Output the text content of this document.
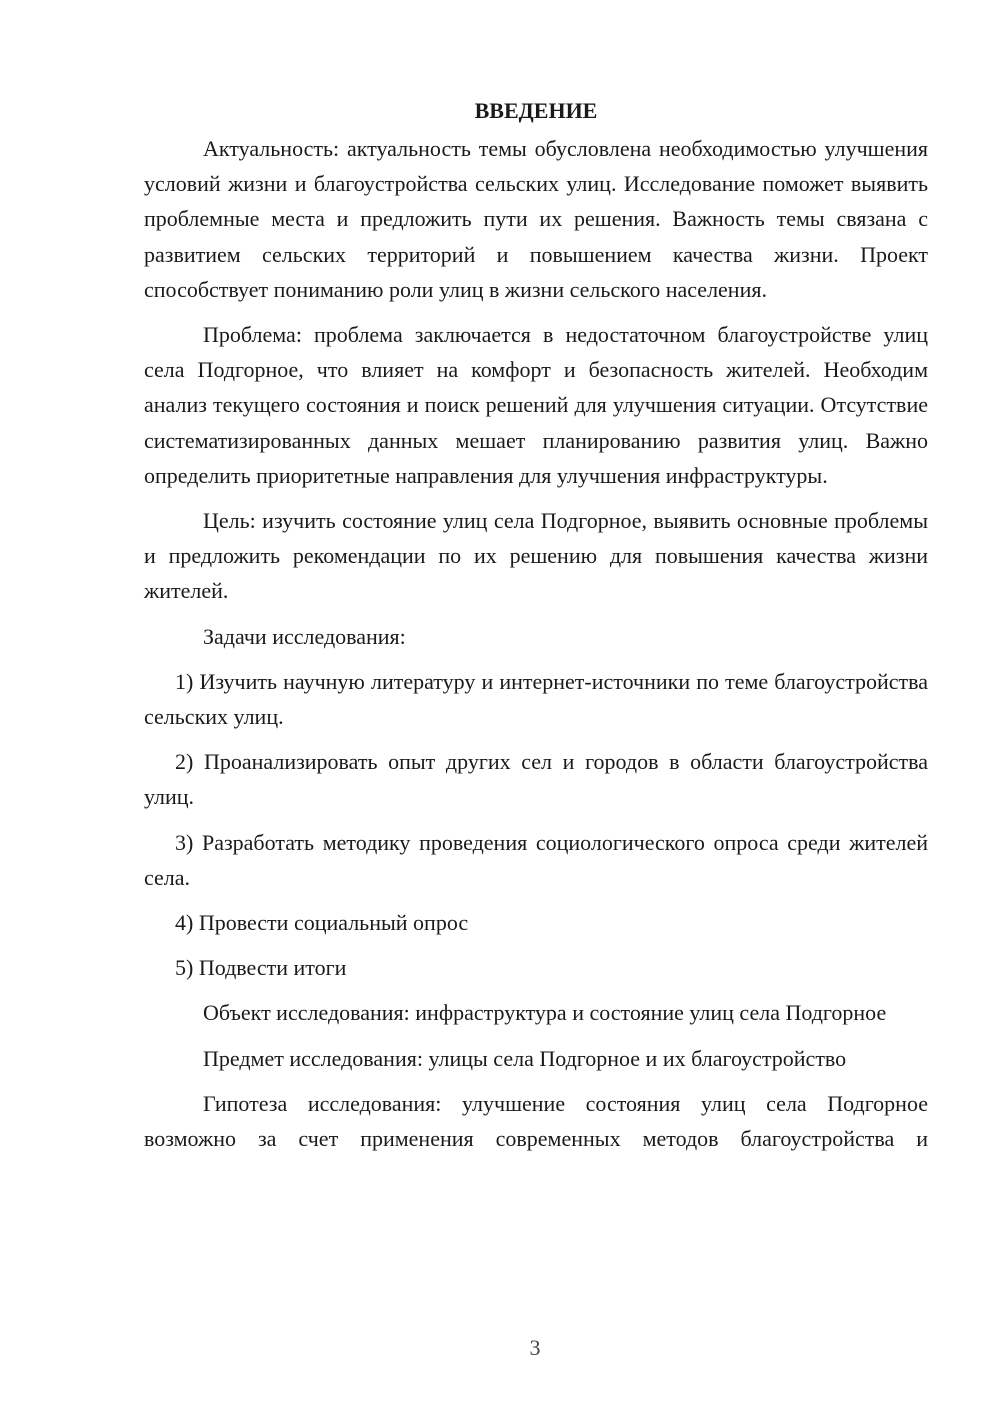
ВВЕДЕНИЕ

Актуальность: актуальность темы обусловлена необходимостью улучшения условий жизни и благоустройства сельских улиц. Исследование поможет выявить проблемные места и предложить пути их решения. Важность темы связана с развитием сельских территорий и повышением качества жизни. Проект способствует пониманию роли улиц в жизни сельского населения.

Проблема: проблема заключается в недостаточном благоустройстве улиц села Подгорное, что влияет на комфорт и безопасность жителей. Необходим анализ текущего состояния и поиск решений для улучшения ситуации. Отсутствие систематизированных данных мешает планированию развития улиц. Важно определить приоритетные направления для улучшения инфраструктуры.

Цель: изучить состояние улиц села Подгорное, выявить основные проблемы и предложить рекомендации по их решению для повышения качества жизни жителей.

Задачи исследования:

1) Изучить научную литературу и интернет-источники по теме благоустройства сельских улиц.

2) Проанализировать опыт других сел и городов в области благоустройства улиц.

3) Разработать методику проведения социологического опроса среди жителей села.

4) Провести социальный опрос

5) Подвести итоги

Объект исследования: инфраструктура и состояние улиц села Подгорное

Предмет исследования: улицы села Подгорное и их благоустройство

Гипотеза исследования: улучшение состояния улиц села Подгорное возможно за счет применения современных методов благоустройства и

3
